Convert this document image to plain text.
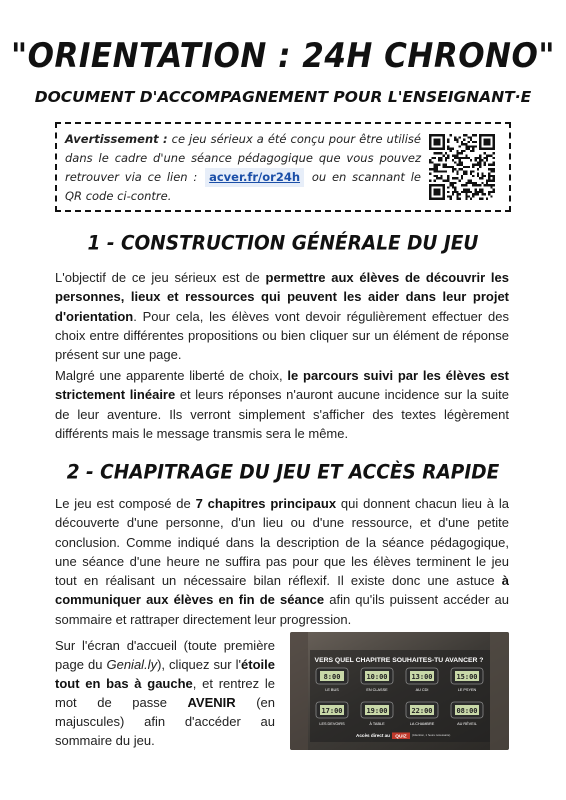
"ORIENTATION : 24H CHRONO"
DOCUMENT D'ACCOMPAGNEMENT POUR L'ENSEIGNANT·E
Avertissement : ce jeu sérieux a été conçu pour être utilisé dans le cadre d'une séance pédagogique que vous pouvez retrouver via ce lien : acver.fr/or24h ou en scannant le QR code ci-contre.
1 - CONSTRUCTION GÉNÉRALE DU JEU
L'objectif de ce jeu sérieux est de permettre aux élèves de découvrir les personnes, lieux et ressources qui peuvent les aider dans leur projet d'orientation. Pour cela, les élèves vont devoir régulièrement effectuer des choix entre différentes propositions ou bien cliquer sur un élément de réponse présent sur une page.
Malgré une apparente liberté de choix, le parcours suivi par les élèves est strictement linéaire et leurs réponses n'auront aucune incidence sur la suite de leur aventure. Ils verront simplement s'afficher des textes légèrement différents mais le message transmis sera le même.
2 - CHAPITRAGE DU JEU ET ACCÈS RAPIDE
Le jeu est composé de 7 chapitres principaux qui donnent chacun lieu à la découverte d'une personne, d'un lieu ou d'une ressource, et d'une petite conclusion. Comme indiqué dans la description de la séance pédagogique, une séance d'une heure ne suffira pas pour que les élèves terminent le jeu tout en réalisant un nécessaire bilan réflexif. Il existe donc une astuce à communiquer aux élèves en fin de séance afin qu'ils puissent accéder au sommaire et rattraper directement leur progression.
Sur l'écran d'accueil (toute première page du Genial.ly), cliquez sur l'étoile tout en bas à gauche, et rentrez le mot de passe AVENIR (en majuscules) afin d'accéder au sommaire du jeu.
VERS QUEL CHAPITRE SOUHAITES-TU AVANCER ?
8:00
LE BUS
10:00
EN CLASSE
13:00
AU CDI
15:00
LE PSYEN
17:00
LES DEVOIRS
19:00
À TABLE
22:00
LA CHAMBRE
08:00
AU RÉVEIL
Accès direct au QUIZ (Attention, 1 heure nécessaire)
